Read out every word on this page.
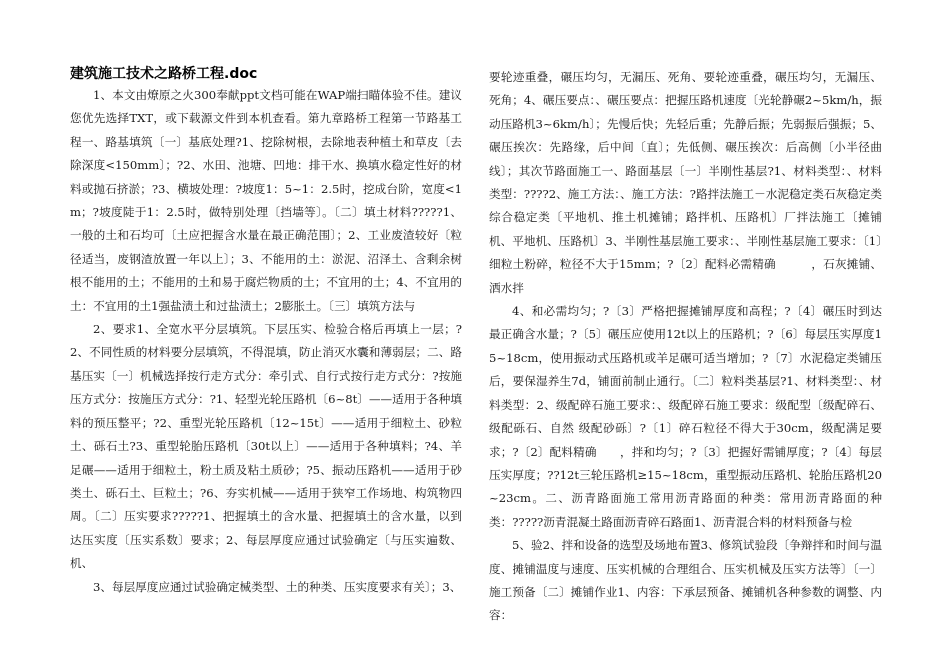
建筑施工技术之路桥工程.doc

1、本文由燎原之火300奉献ppt文档可能在WAP端扫瞄体验不佳。建议您优先选择TXT，或下载源文件到本机查看。第九章路桥工程第一节路基工程一、路基填筑〔一〕基底处理?1、挖除树根，去除地表种植土和草皮〔去除深度<150mm〕；?2、水田、池塘、凹地：排干水、换填水稳定性好的材料或抛石挤淤；?3、横坡处理：?坡度1：5~1：2.5时，挖成台阶，宽度<1m；?坡度陡于1：2.5时，做特别处理〔挡墙等〕。〔二〕填土材料?????1、一般的土和石均可〔土应把握含水量在最正确范围〕；2、工业废渣较好〔粒径适当，废钢渣放置一年以上〕；3、不能用的土：淤泥、沼泽土、含剩余树根不能用的土；不能用的土和易于腐烂物质的土；不宜用的土；4、不宜用的土：不宜用的土1强盐渍土和过盐渍土；2膨胀土。〔三〕填筑方法与

2、要求1、全宽水平分层填筑。下层压实、检验合格后再填上一层；?2、不同性质的材料要分层填筑，不得混填，防止消灭水囊和薄弱层；二、路基压实〔一〕机械选择按行走方式分：牵引式、自行式按行走方式分：?按施压方式分：按施压方式分：?1、轻型光轮压路机〔6~8t〕——适用于各种填料的预压整平；?2、重型光轮压路机〔12~15t〕——适用于细粒土、砂粒土、砾石土?3、重型轮胎压路机〔30t以上〕——适用于各种填料；?4、羊足碾——适用于细粒土，粉土质及粘土质砂；?5、振动压路机——适用于砂类土、砾石土、巨粒土；?6、夯实机械——适用于狭窄工作场地、构筑物四周。〔二〕压实要求?????1、把握填土的含水量、把握填土的含水量，以到达压实度〔压实系数〕要求；2、每层厚度应通过试验确定〔与压实遍数、机、

3、每层厚度应通过试验确定械类型、土的种类、压实度要求有关〕；3、

要轮迹重叠，碾压均匀，无漏压、死角、要轮迹重叠，碾压均匀，无漏压、死角；4、碾压要点：、碾压要点：把握压路机速度〔光轮静碾2~5km/h，振动压路机3~6km/h〕；先慢后快；先轻后重；先静后振；先弱振后强振；5、碾压挨次：先路缘，后中间〔直〕；先低侧、碾压挨次：后高侧〔小半径曲线〕；其次节路面施工一、路面基层〔一〕半刚性基层?1、材料类型：、材料类型：????2、施工方法：、施工方法：?路拌法施工－水泥稳定类石灰稳定类综合稳定类〔平地机、推土机摊铺；路拌机、压路机〕厂拌法施工〔摊铺机、平地机、压路机〕3、半刚性基层施工要求：、半刚性基层施工要求：〔1〕细粒土粉碎，粒径不大于15mm；?〔2〕配料必需精确　　　，石灰摊铺、洒水拌

4、和必需均匀；?〔3〕严格把握摊铺厚度和高程；?〔4〕碾压时到达最正确含水量；?〔5〕碾压应使用12t以上的压路机；?〔6〕每层压实厚度15~18cm，使用振动式压路机或羊足碾可适当增加；?〔7〕水泥稳定类铺压后，要保湿养生7d，铺面前制止通行。〔二〕粒料类基层?1、材料类型：、材料类型：2、级配碎石施工要求：、级配碎石施工要求：级配型〔级配碎石、级配砾石、自然 级配砂砾〕?〔1〕碎石粒径不得大于30cm，级配满足要求；?〔2〕配料精确　　，拌和均匀；?〔3〕把握好需铺厚度；?〔4〕每层压实厚度；??12t三轮压路机≥15~18cm，重型振动压路机、轮胎压路机20~23cm。二、沥青路面施工常用沥青路面的种类：常用沥青路面的种类：?????沥青混凝土路面沥青碎石路面1、沥青混合料的材料预备与检

5、验2、拌和设备的选型及场地布置3、修筑试验段〔争辩拌和时间与温度、摊铺温度与速度、压实机械的合理组合、压实机械及压实方法等〕〔一〕施工预备〔二〕摊铺作业1、内容：下承层预备、摊铺机各种参数的调整、内容：
